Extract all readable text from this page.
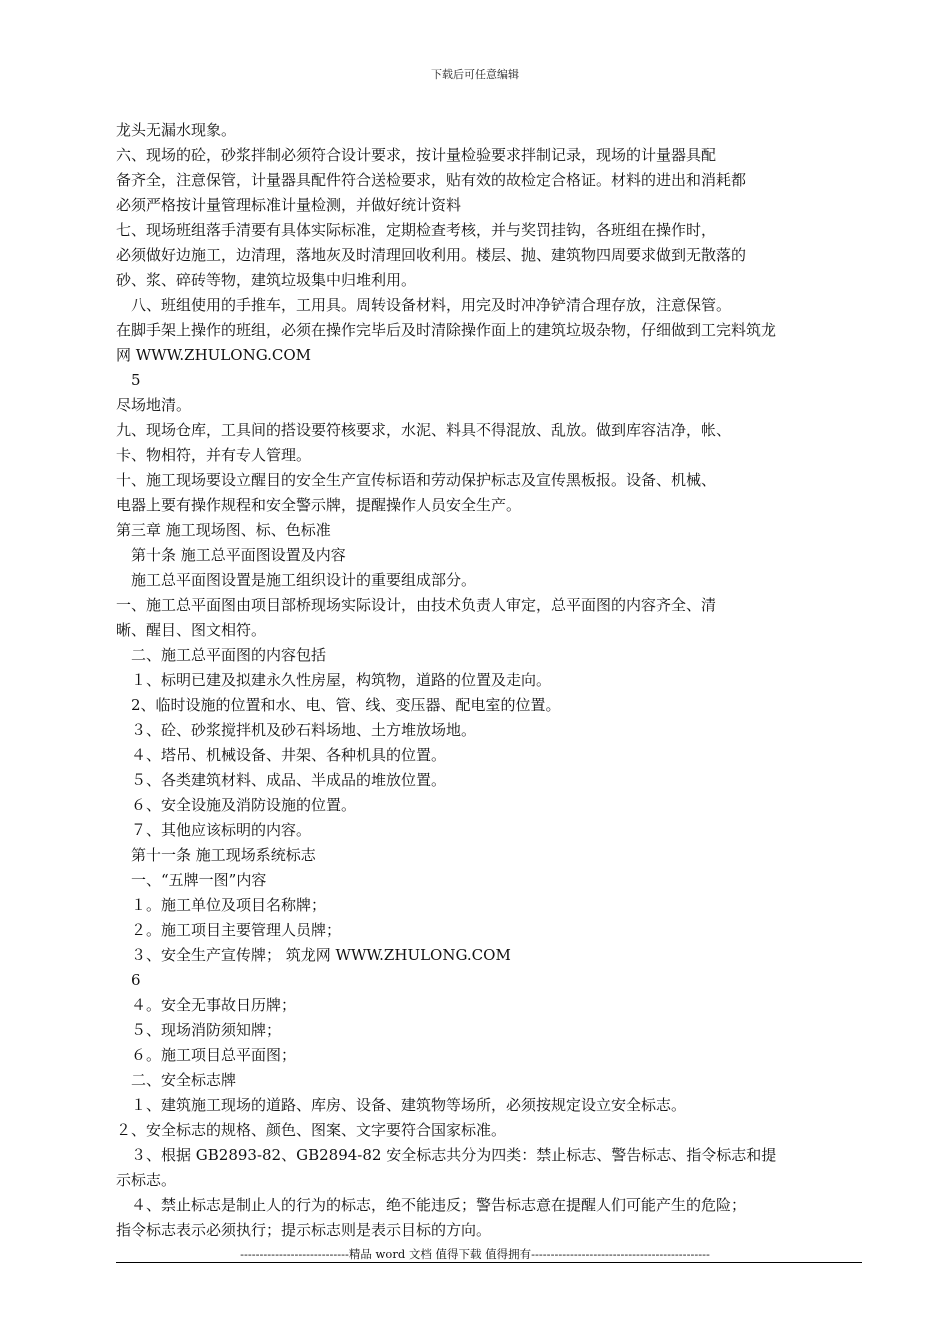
下载后可任意编辑
龙头无漏水现象。
六、现场的砼，砂浆拌制必须符合设计要求，按计量检验要求拌制记录，现场的计量器具配
备齐全，注意保管，计量器具配件符合送检要求，贴有效的故检定合格证。材料的进出和消耗都
必须严格按计量管理标准计量检测，并做好统计资料
七、现场班组落手清要有具体实际标准，定期检查考核，并与奖罚挂钩，各班组在操作时，
必须做好边施工，边清理，落地灰及时清理回收利用。楼层、抛、建筑物四周要求做到无散落的
砂、浆、碎砖等物，建筑垃圾集中归堆利用。
　八、班组使用的手推车，工用具。周转设备材料，用完及时冲净铲清合理存放，注意保管。
在脚手架上操作的班组，必须在操作完毕后及时清除操作面上的建筑垃圾杂物，仔细做到工完料筑龙
网 WWW.ZHULONG.COM
　5
尽场地清。
九、现场仓库，工具间的搭设要符核要求，水泥、料具不得混放、乱放。做到库容洁净，帐、
卡、物相符，并有专人管理。
十、施工现场要设立醒目的安全生产宣传标语和劳动保护标志及宣传黑板报。设备、机械、
电器上要有操作规程和安全警示牌，提醒操作人员安全生产。
第三章 施工现场图、标、色标准
　第十条 施工总平面图设置及内容
　施工总平面图设置是施工组织设计的重要组成部分。
一、施工总平面图由项目部桥现场实际设计，由技术负责人审定，总平面图的内容齐全、清
晰、醒目、图文相符。
　二、施工总平面图的内容包括
　１、标明已建及拟建永久性房屋，构筑物，道路的位置及走向。
　2、临时设施的位置和水、电、管、线、变压器、配电室的位置。
　３、砼、砂浆搅拌机及砂石料场地、土方堆放场地。
　４、塔吊、机械设备、井架、各种机具的位置。
　５、各类建筑材料、成品、半成品的堆放位置。
　６、安全设施及消防设施的位置。
　７、其他应该标明的内容。
　第十一条 施工现场系统标志
　一、“五牌一图”内容
　１。施工单位及项目名称牌；
　２。施工项目主要管理人员牌；
　３、安全生产宣传牌； 筑龙网 WWW.ZHULONG.COM
　6
　４。安全无事故日历牌；
　５、现场消防须知牌；
　６。施工项目总平面图；
　二、安全标志牌
　１、建筑施工现场的道路、库房、设备、建筑物等场所，必须按规定设立安全标志。
２、安全标志的规格、颜色、图案、文字要符合国家标准。
　３、根据 GB2893-82、GB2894-82 安全标志共分为四类：禁止标志、警告标志、指令标志和提
示标志。
　４、禁止标志是制止人的行为的标志，绝不能违反；警告标志意在提醒人们可能产生的危险；
指令标志表示必须执行；提示标志则是表示目标的方向。
----------------------------精品 word 文档 值得下载 值得拥有----------------------------------------------
